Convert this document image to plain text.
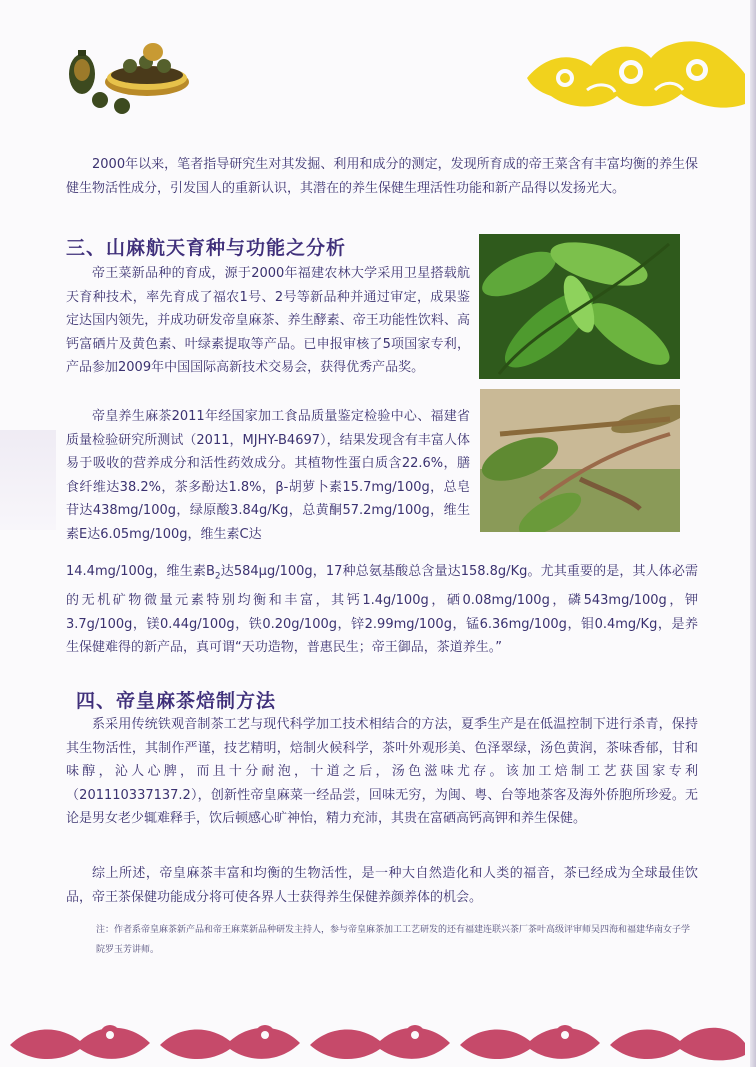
2000年以来，笔者指导研究生对其发掘、利用和成分的测定，发现所育成的帝王菜含有丰富均衡的养生保健生物活性成分，引发国人的重新认识，其潜在的养生保健生理活性功能和新产品得以发扬光大。

三、山麻航天育种与功能之分析

帝王菜新品种的育成，源于2000年福建农林大学采用卫星搭载航天育种技术，率先育成了福农1号、2号等新品种并通过审定，成果鉴定达国内领先，并成功研发帝皇麻茶、养生酵素、帝王功能性饮料、高钙富硒片及黄色素、叶绿素提取等产品。已申报审核了5项国家专利，产品参加2009年中国国际高新技术交易会，获得优秀产品奖。

帝皇养生麻茶2011年经国家加工食品质量鉴定检验中心、福建省质量检验研究所测试（2011，MJHY-B4697），结果发现含有丰富人体易于吸收的营养成分和活性药效成分。其植物性蛋白质含22.6%，膳食纤维达38.2%，茶多酚达1.8%，β-胡萝卜素15.7mg/100g，总皂苷达438mg/100g，绿原酸3.84g/Kg，总黄酮57.2mg/100g，维生素E达6.05mg/100g，维生素C达

14.4mg/100g，维生素$B_2$达584μg/100g，17种总氨基酸总含量达158.8g/Kg。尤其重要的是，其人体必需的无机矿物微量元素特别均衡和丰富，其钙1.4g/100g，硒0.08mg/100g，磷543mg/100g，钾3.7g/100g，镁0.44g/100g，铁0.20g/100g，锌2.99mg/100g，锰6.36mg/100g，钼0.4mg/Kg，是养生保健难得的新产品，真可谓“天功造物，普惠民生；帝王御品，茶道养生。”

四、帝皇麻茶焙制方法

系采用传统铁观音制茶工艺与现代科学加工技术相结合的方法，夏季生产是在低温控制下进行杀青，保持其生物活性，其制作严谨，技艺精明，焙制火候科学，茶叶外观形美、色泽翠绿，汤色黄润，茶味香郁，甘和味醇，沁人心脾，而且十分耐泡，十道之后，汤色滋味尤存。该加工焙制工艺获国家专利（201110337137.2），创新性帝皇麻菜一经品尝，回味无穷，为闽、粤、台等地茶客及海外侨胞所珍爱。无论是男女老少辄难释手，饮后顿感心旷神怡，精力充沛，其贵在富硒高钙高钾和养生保健。

综上所述，帝皇麻茶丰富和均衡的生物活性，是一种大自然造化和人类的福音，茶已经成为全球最佳饮品，帝王茶保健功能成分将可使各界人士获得养生保健养颜养体的机会。

注：作者系帝皇麻茶新产品和帝王麻菜新品种研发主持人，参与帝皇麻茶加工工艺研发的还有福建连联兴茶厂茶叶高级评审师吴四海和福建华南女子学院罗玉芳讲师。
